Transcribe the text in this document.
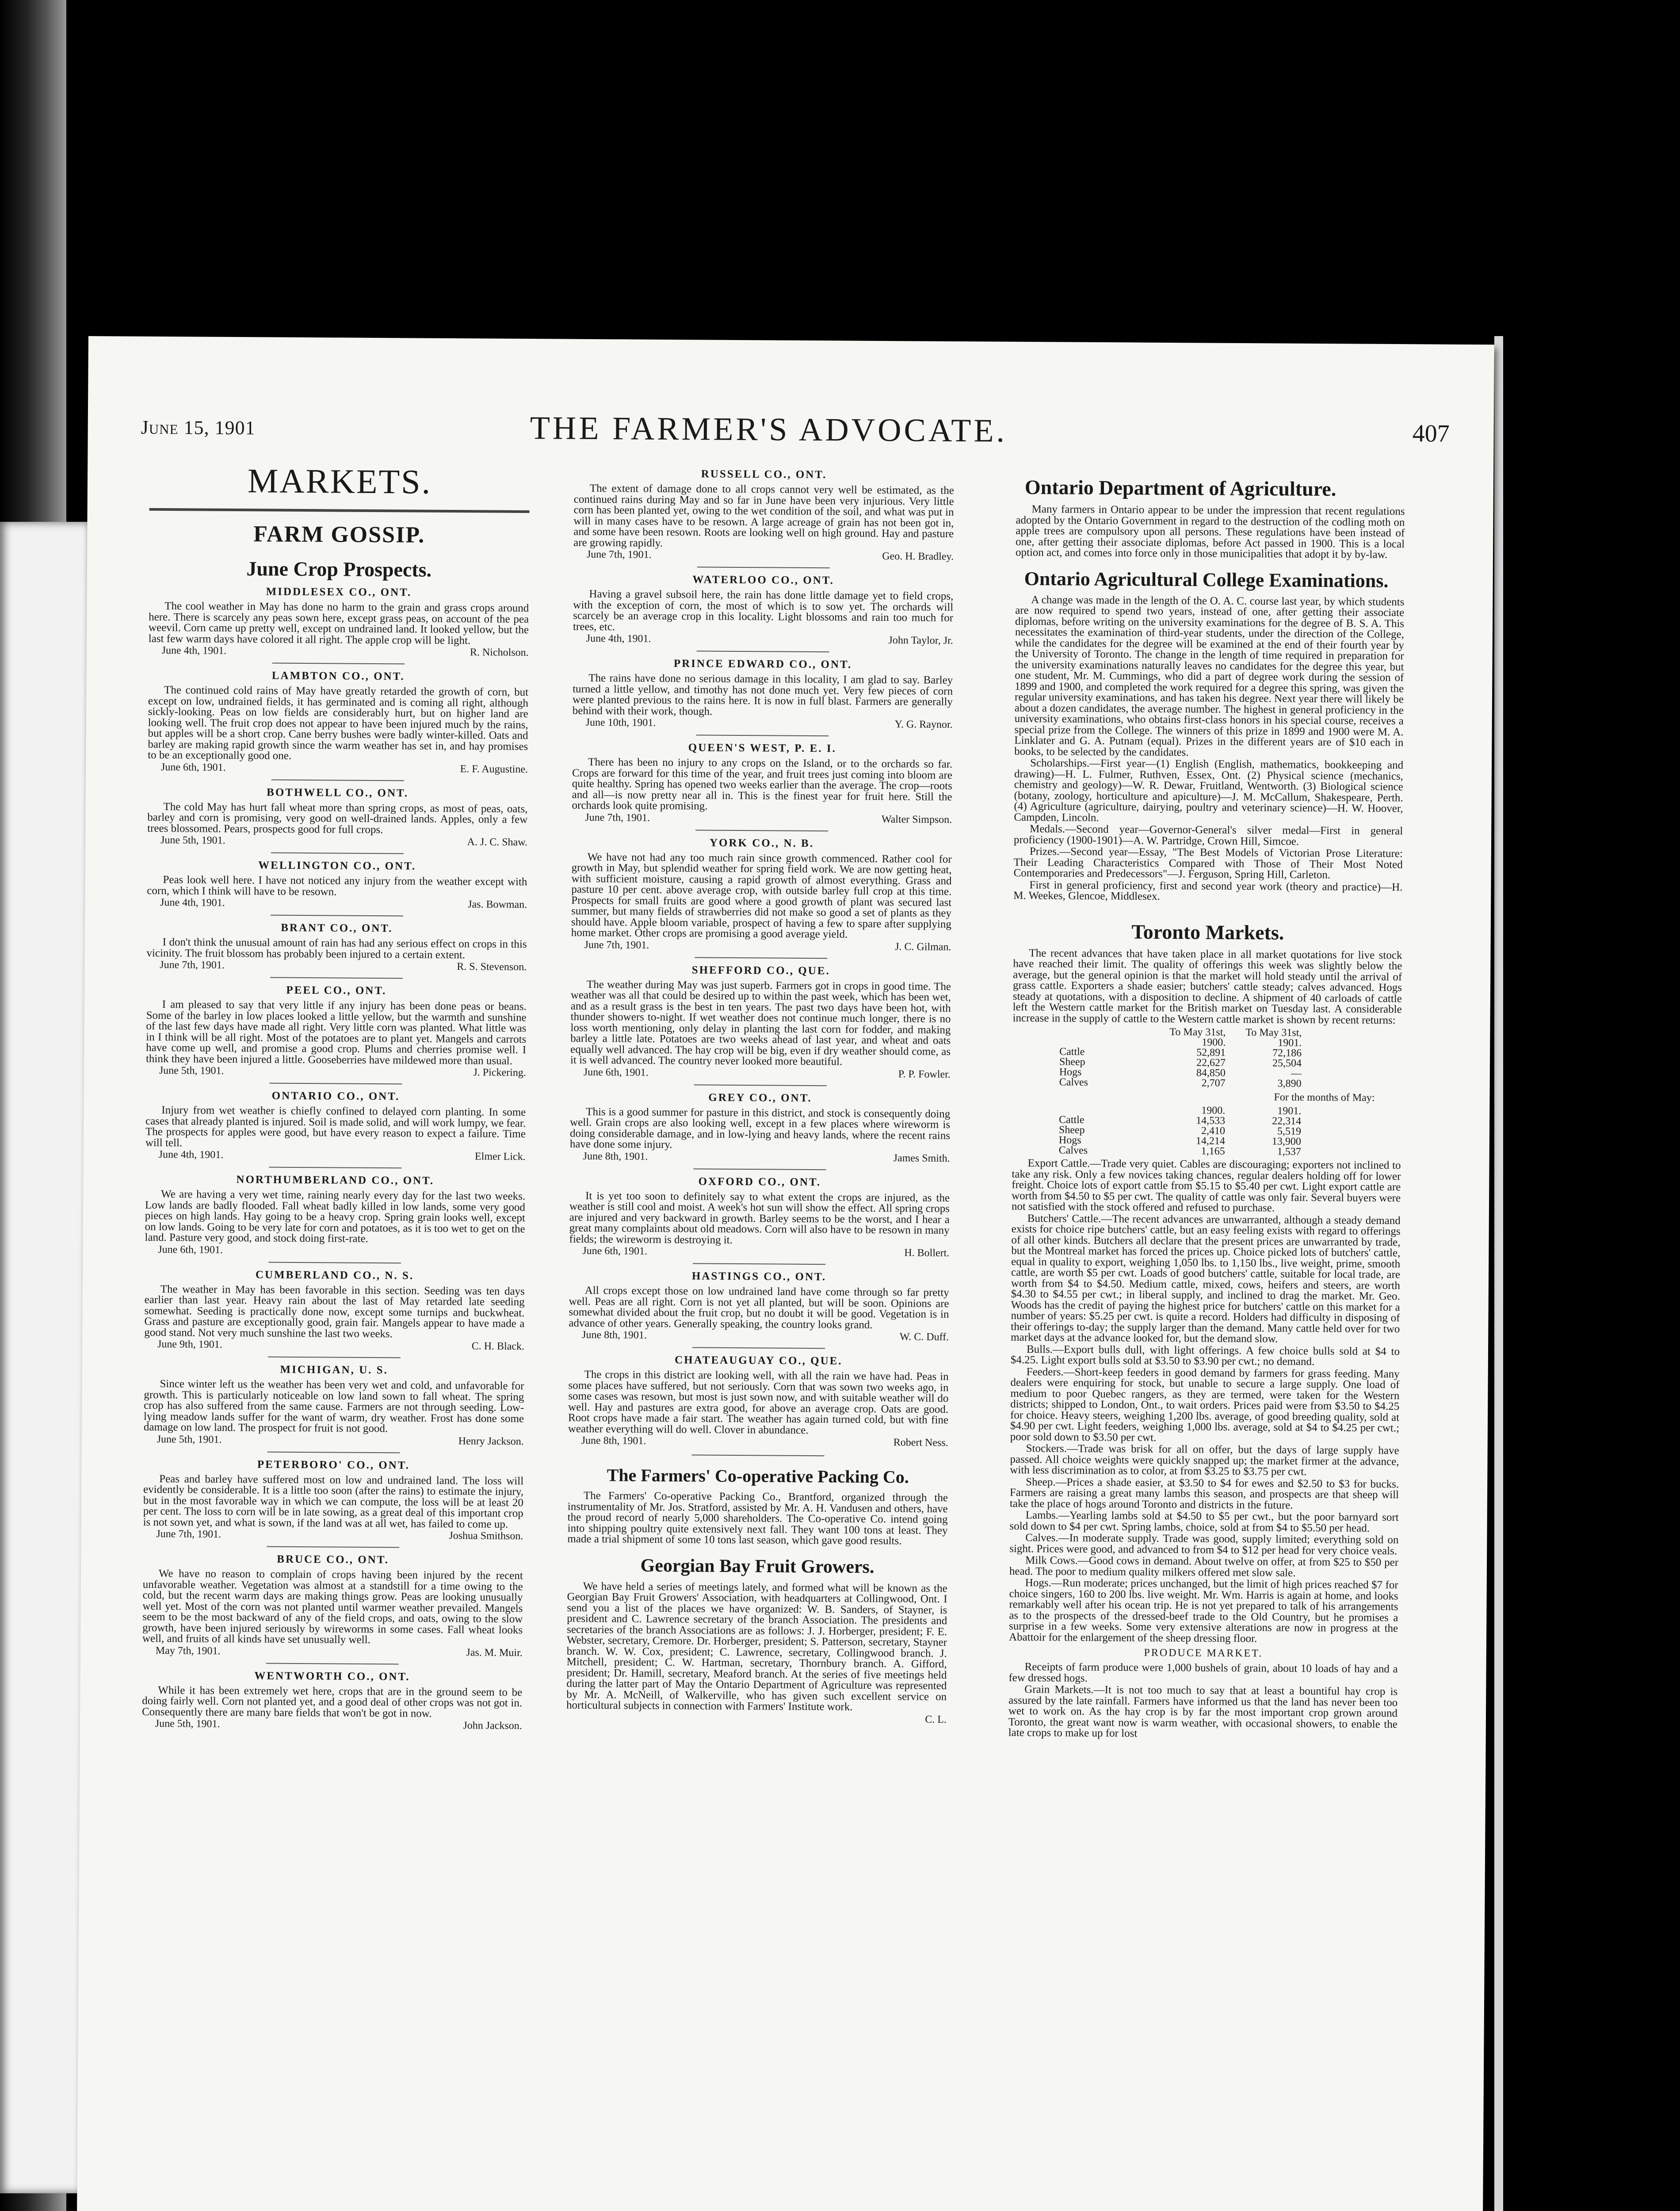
June 15, 1901	THE FARMER'S ADVOCATE.	407
MARKETS.
FARM GOSSIP.
June Crop Prospects.
MIDDLESEX CO., ONT.

The cool weather in May has done no harm to the grain and grass crops around here. There is scarcely any peas sown here, except grass peas, on account of the pea weevil. Corn came up pretty well, except on undrained land. It looked yellow, but the last few warm days have colored it all right. The apple crop will be light.

June 4th, 1901.	R. Nicholson.
LAMBTON CO., ONT.

The continued cold rains of May have greatly retarded the growth of corn, but except on low, undrained fields, it has germinated and is coming all right, although sickly-looking. Peas on low fields are considerably hurt, but on higher land are looking well. The fruit crop does not appear to have been injured much by the rains, but apples will be a short crop. Cane berry bushes were badly winter-killed. Oats and barley are making rapid growth since the warm weather has set in, and hay promises to be an exceptionally good one.

June 6th, 1901.	E. F. Augustine.
BOTHWELL CO., ONT.

The cold May has hurt fall wheat more than spring crops, as most of peas, oats, barley and corn is promising, very good on well-drained lands. Apples, only a few trees blossomed. Pears, prospects good for full crops.

June 5th, 1901.	A. J. C. Shaw.
WELLINGTON CO., ONT.

Peas look well here. I have not noticed any injury from the weather except with corn, which I think will have to be resown.

June 4th, 1901.	Jas. Bowman.
BRANT CO., ONT.

I don't think the unusual amount of rain has had any serious effect on crops in this vicinity. The fruit blossom has probably been injured to a certain extent.

June 7th, 1901.	R. S. Stevenson.
PEEL CO., ONT.

I am pleased to say that very little if any injury has been done peas or beans. Some of the barley in low places looked a little yellow, but the warmth and sunshine of the last few days have made all right. Very little corn was planted. What little was in I think will be all right. Most of the potatoes are to plant yet. Mangels and carrots have come up well, and promise a good crop. Plums and cherries promise well. I think they have been injured a little. Gooseberries have mildewed more than usual.

June 5th, 1901.	J. Pickering.
ONTARIO CO., ONT.

Injury from wet weather is chiefly confined to delayed corn planting. In some cases that already planted is injured. Soil is made solid, and will work lumpy, we fear. The prospects for apples were good, but have every reason to expect a failure. Time will tell.

June 4th, 1901.	Elmer Lick.
NORTHUMBERLAND CO., ONT.

We are having a very wet time, raining nearly every day for the last two weeks. Low lands are badly flooded. Fall wheat badly killed in low lands, some very good pieces on high lands. Hay going to be a heavy crop. Spring grain looks well, except on low lands. Going to be very late for corn and potatoes, as it is too wet to get on the land. Pasture very good, and stock doing first-rate.

June 6th, 1901.
CUMBERLAND CO., N. S.

The weather in May has been favorable in this section. Seeding was ten days earlier than last year. Heavy rain about the last of May retarded late seeding somewhat. Seeding is practically done now, except some turnips and buckwheat. Grass and pasture are exceptionally good, grain fair. Mangels appear to have made a good stand. Not very much sunshine the last two weeks.

June 9th, 1901.	C. H. Black.
MICHIGAN, U. S.

Since winter left us the weather has been very wet and cold, and unfavorable for growth. This is particularly noticeable on low land sown to fall wheat. The spring crop has also suffered from the same cause. Farmers are not through seeding. Low-lying meadow lands suffer for the want of warm, dry weather. Frost has done some damage on low land. The prospect for fruit is not good.

June 5th, 1901.	Henry Jackson.
PETERBORO' CO., ONT.

Peas and barley have suffered most on low and undrained land. The loss will evidently be considerable. It is a little too soon (after the rains) to estimate the injury, but in the most favorable way in which we can compute, the loss will be at least 20 per cent. The loss to corn will be in late sowing, as a great deal of this important crop is not sown yet, and what is sown, if the land was at all wet, has failed to come up.

June 7th, 1901.	Joshua Smithson.
BRUCE CO., ONT.

We have no reason to complain of crops having been injured by the recent unfavorable weather. Vegetation was almost at a standstill for a time owing to the cold, but the recent warm days are making things grow. Peas are looking unusually well yet. Most of the corn was not planted until warmer weather prevailed. Mangels seem to be the most backward of any of the field crops, and oats, owing to the slow growth, have been injured seriously by wireworms in some cases. Fall wheat looks well, and fruits of all kinds have set unusually well.

May 7th, 1901.	Jas. M. Muir.
WENTWORTH CO., ONT.

While it has been extremely wet here, crops that are in the ground seem to be doing fairly well. Corn not planted yet, and a good deal of other crops was not got in. Consequently there are many bare fields that won't be got in now.

June 5th, 1901.	John Jackson.
RUSSELL CO., ONT.

The extent of damage done to all crops cannot very well be estimated, as the continued rains during May and so far in June have been very injurious. Very little corn has been planted yet, owing to the wet condition of the soil, and what was put in will in many cases have to be resown. A large acreage of grain has not been got in, and some have been resown. Roots are looking well on high ground. Hay and pasture are growing rapidly.

June 7th, 1901.	Geo. H. Bradley.
WATERLOO CO., ONT.

Having a gravel subsoil here, the rain has done little damage yet to field crops, with the exception of corn, the most of which is to sow yet. The orchards will scarcely be an average crop in this locality. Light blossoms and rain too much for trees, etc.

June 4th, 1901.	John Taylor, Jr.
PRINCE EDWARD CO., ONT.

The rains have done no serious damage in this locality, I am glad to say. Barley turned a little yellow, and timothy has not done much yet. Very few pieces of corn were planted previous to the rains here. It is now in full blast. Farmers are generally behind with their work, though.

June 10th, 1901.	Y. G. Raynor.
QUEEN'S WEST, P. E. I.

There has been no injury to any crops on the Island, or to the orchards so far. Crops are forward for this time of the year, and fruit trees just coming into bloom are quite healthy. Spring has opened two weeks earlier than the average. The crop—roots and all—is now pretty near all in. This is the finest year for fruit here. Still the orchards look quite promising.

June 7th, 1901.	Walter Simpson.
YORK CO., N. B.

We have not had any too much rain since growth commenced. Rather cool for growth in May, but splendid weather for spring field work. We are now getting heat, with sufficient moisture, causing a rapid growth of almost everything. Grass and pasture 10 per cent. above average crop, with outside barley full crop at this time. Prospects for small fruits are good where a good growth of plant was secured last summer, but many fields of strawberries did not make so good a set of plants as they should have. Apple bloom variable, prospect of having a few to spare after supplying home market. Other crops are promising a good average yield.

June 7th, 1901.	J. C. Gilman.
SHEFFORD CO., QUE.

The weather during May was just superb. Farmers got in crops in good time. The weather was all that could be desired up to within the past week, which has been wet, and as a result grass is the best in ten years. The past two days have been hot, with thunder showers to-night. If wet weather does not continue much longer, there is no loss worth mentioning, only delay in planting the last corn for fodder, and making barley a little late. Potatoes are two weeks ahead of last year, and wheat and oats equally well advanced. The hay crop will be big, even if dry weather should come, as it is well advanced. The country never looked more beautiful.

June 6th, 1901.	P. P. Fowler.
GREY CO., ONT.

This is a good summer for pasture in this district, and stock is consequently doing well. Grain crops are also looking well, except in a few places where wireworm is doing considerable damage, and in low-lying and heavy lands, where the recent rains have done some injury.

June 8th, 1901.	James Smith.
OXFORD CO., ONT.

It is yet too soon to definitely say to what extent the crops are injured, as the weather is still cool and moist. A week's hot sun will show the effect. All spring crops are injured and very backward in growth. Barley seems to be the worst, and I hear a great many complaints about old meadows. Corn will also have to be resown in many fields; the wireworm is destroying it.

June 6th, 1901.	H. Bollert.
HASTINGS CO., ONT.

All crops except those on low undrained land have come through so far pretty well. Peas are all right. Corn is not yet all planted, but will be soon. Opinions are somewhat divided about the fruit crop, but no doubt it will be good. Vegetation is in advance of other years. Generally speaking, the country looks grand.

June 8th, 1901.	W. C. Duff.
CHATEAUGUAY CO., QUE.

The crops in this district are looking well, with all the rain we have had. Peas in some places have suffered, but not seriously. Corn that was sown two weeks ago, in some cases was resown, but most is just sown now, and with suitable weather will do well. Hay and pastures are extra good, for above an average crop. Oats are good. Root crops have made a fair start. The weather has again turned cold, but with fine weather everything will do well. Clover in abundance.

June 8th, 1901.	Robert Ness.
The Farmers' Co-operative Packing Co.

The Farmers' Co-operative Packing Co., Brantford, organized through the instrumentality of Mr. Jos. Stratford, assisted by Mr. A. H. Vandusen and others, have the proud record of nearly 5,000 shareholders. The Co-operative Co. intend going into shipping poultry quite extensively next fall. They want 100 tons at least. They made a trial shipment of some 10 tons last season, which gave good results.

Georgian Bay Fruit Growers.

We have held a series of meetings lately, and formed what will be known as the Georgian Bay Fruit Growers' Association, with headquarters at Collingwood, Ont. I send you a list of the places we have organized: W. B. Sanders, of Stayner, is president and C. Lawrence secretary of the branch Association. The presidents and secretaries of the branch Associations are as follows: J. J. Horberger, president; F. E. Webster, secretary, Cremore. Dr. Horberger, president; S. Patterson, secretary, Stayner branch. W. W. Cox, president; C. Lawrence, secretary, Collingwood branch. J. Mitchell, president; C. W. Hartman, secretary, Thornbury branch. A. Gifford, president; Dr. Hamill, secretary, Meaford branch. At the series of five meetings held during the latter part of May the Ontario Department of Agriculture was represented by Mr. A. McNeill, of Walkerville, who has given such excellent service on horticultural subjects in connection with Farmers' Institute work.

C. L.
Ontario Department of Agriculture.

Many farmers in Ontario appear to be under the impression that recent regulations adopted by the Ontario Government in regard to the destruction of the codling moth on apple trees are compulsory upon all persons. These regulations have been instead of one, after getting their associate diplomas, before Act passed in 1900. This is a local option act, and comes into force only in those municipalities that adopt it by by-law.

Ontario Agricultural College Examinations.

A change was made in the length of the O. A. C. course last year, by which students are now required to spend two years, instead of one, after getting their associate diplomas, before writing on the university examinations for the degree of B. S. A. This necessitates the examination of third-year students, under the direction of the College, while the candidates for the degree will be examined at the end of their fourth year by the University of Toronto. The change in the length of time required in preparation for the university examinations naturally leaves no candidates for the degree this year, but one student, Mr. M. Cummings, who did a part of degree work during the session of 1899 and 1900, and completed the work required for a degree this spring, was given the regular university examinations, and has taken his degree. Next year there will likely be about a dozen candidates, the average number. The highest in general proficiency in the university examinations, who obtains first-class honors in his special course, receives a special prize from the College. The winners of this prize in 1899 and 1900 were M. A. Linklater and G. A. Putnam (equal). Prizes in the different years are of $10 each in books, to be selected by the candidates.

Scholarships.—First year—(1) English (English, mathematics, bookkeeping and drawing)—H. L. Fulmer, Ruthven, Essex, Ont. (2) Physical science (mechanics, chemistry and geology)—W. R. Dewar, Fruitland, Wentworth. (3) Biological science (botany, zoology, horticulture and apiculture)—J. M. McCallum, Shakespeare, Perth. (4) Agriculture (agriculture, dairying, poultry and veterinary science)—H. W. Hoover, Campden, Lincoln.

Medals.—Second year—Governor-General's silver medal—First in general proficiency (1900-1901)—A. W. Partridge, Crown Hill, Simcoe.

Prizes.—Second year—Essay, "The Best Models of Victorian Prose Literature: Their Leading Characteristics Compared with Those of Their Most Noted Contemporaries and Predecessors"—J. Ferguson, Spring Hill, Carleton.

First in general proficiency, first and second year work (theory and practice)—H. M. Weekes, Glencoe, Middlesex.

Toronto Markets.

The recent advances that have taken place in all market quotations for live stock have reached their limit. The quality of offerings this week was slightly below the average, but the general opinion is that the market will hold steady until the arrival of grass cattle. Exporters a shade easier; butchers' cattle steady; calves advanced. Hogs steady at quotations, with a disposition to decline. A shipment of 40 carloads of cattle left the Western cattle market for the British market on Tuesday last. A considerable increase in the supply of cattle to the Western cattle market is shown by recent returns:

	To May 31st,	To May 31st,
	1900.	1901.
Cattle	52,891	72,186
Sheep	22,627	25,504
Hogs	84,850	—
Calves	2,707	3,890
For the months of May:
	1900.	1901.
Cattle	14,533	22,314
Sheep	2,410	5,519
Hogs	14,214	13,900
Calves	1,165	1,537

Export Cattle.—Trade very quiet. Cables are discouraging; exporters not inclined to take any risk. Only a few novices taking chances, regular dealers holding off for lower freight. Choice lots of export cattle from $5.15 to $5.40 per cwt. Light export cattle are worth from $4.50 to $5 per cwt. The quality of cattle was only fair. Several buyers were not satisfied with the stock offered and refused to purchase.

Butchers' Cattle.—The recent advances are unwarranted, although a steady demand exists for choice ripe butchers' cattle, but an easy feeling exists with regard to offerings of all other kinds. Butchers all declare that the present prices are unwarranted by trade, but the Montreal market has forced the prices up. Choice picked lots of butchers' cattle, equal in quality to export, weighing 1,050 lbs. to 1,150 lbs., live weight, prime, smooth cattle, are worth $5 per cwt. Loads of good butchers' cattle, suitable for local trade, are worth from $4 to $4.50. Medium cattle, mixed, cows, heifers and steers, are worth $4.30 to $4.55 per cwt.; in liberal supply, and inclined to drag the market. Mr. Geo. Woods has the credit of paying the highest price for butchers' cattle on this market for a number of years: $5.25 per cwt. is quite a record. Holders had difficulty in disposing of their offerings to-day; the supply larger than the demand. Many cattle held over for two market days at the advance looked for, but the demand slow.

Bulls.—Export bulls dull, with light offerings. A few choice bulls sold at $4 to $4.25. Light export bulls sold at $3.50 to $3.90 per cwt.; no demand.

Feeders.—Short-keep feeders in good demand by farmers for grass feeding. Many dealers were enquiring for stock, but unable to secure a large supply. One load of medium to poor Quebec rangers, as they are termed, were taken for the Western districts; shipped to London, Ont., to wait orders. Prices paid were from $3.50 to $4.25 for choice. Heavy steers, weighing 1,200 lbs. average, of good breeding quality, sold at $4.90 per cwt. Light feeders, weighing 1,000 lbs. average, sold at $4 to $4.25 per cwt.; poor sold down to $3.50 per cwt.

Stockers.—Trade was brisk for all on offer, but the days of large supply have passed. All choice weights were quickly snapped up; the market firmer at the advance, with less discrimination as to color, at from $3.25 to $3.75 per cwt.

Sheep.—Prices a shade easier, at $3.50 to $4 for ewes and $2.50 to $3 for bucks. Farmers are raising a great many lambs this season, and prospects are that sheep will take the place of hogs around Toronto and districts in the future.

Lambs.—Yearling lambs sold at $4.50 to $5 per cwt., but the poor barnyard sort sold down to $4 per cwt. Spring lambs, choice, sold at from $4 to $5.50 per head.

Calves.—In moderate supply. Trade was good, supply limited; everything sold on sight. Prices were good, and advanced to from $4 to $12 per head for very choice veals.

Milk Cows.—Good cows in demand. About twelve on offer, at from $25 to $50 per head. The poor to medium quality milkers offered met slow sale.

Hogs.—Run moderate; prices unchanged, but the limit of high prices reached $7 for choice singers, 160 to 200 lbs. live weight. Mr. Wm. Harris is again at home, and looks remarkably well after his ocean trip. He is not yet prepared to talk of his arrangements as to the prospects of the dressed-beef trade to the Old Country, but he promises a surprise in a few weeks. Some very extensive alterations are now in progress at the Abattoir for the enlargement of the sheep dressing floor.

PRODUCE MARKET.

Receipts of farm produce were 1,000 bushels of grain, about 10 loads of hay and a few dressed hogs.

Grain Markets.—It is not too much to say that at least a bountiful hay crop is assured by the late rainfall. Farmers have informed us that the land has never been too wet to work on. As the hay crop is by far the most important crop grown around Toronto, the great want now is warm weather, with occasional showers, to enable the late crops to make up for lost
